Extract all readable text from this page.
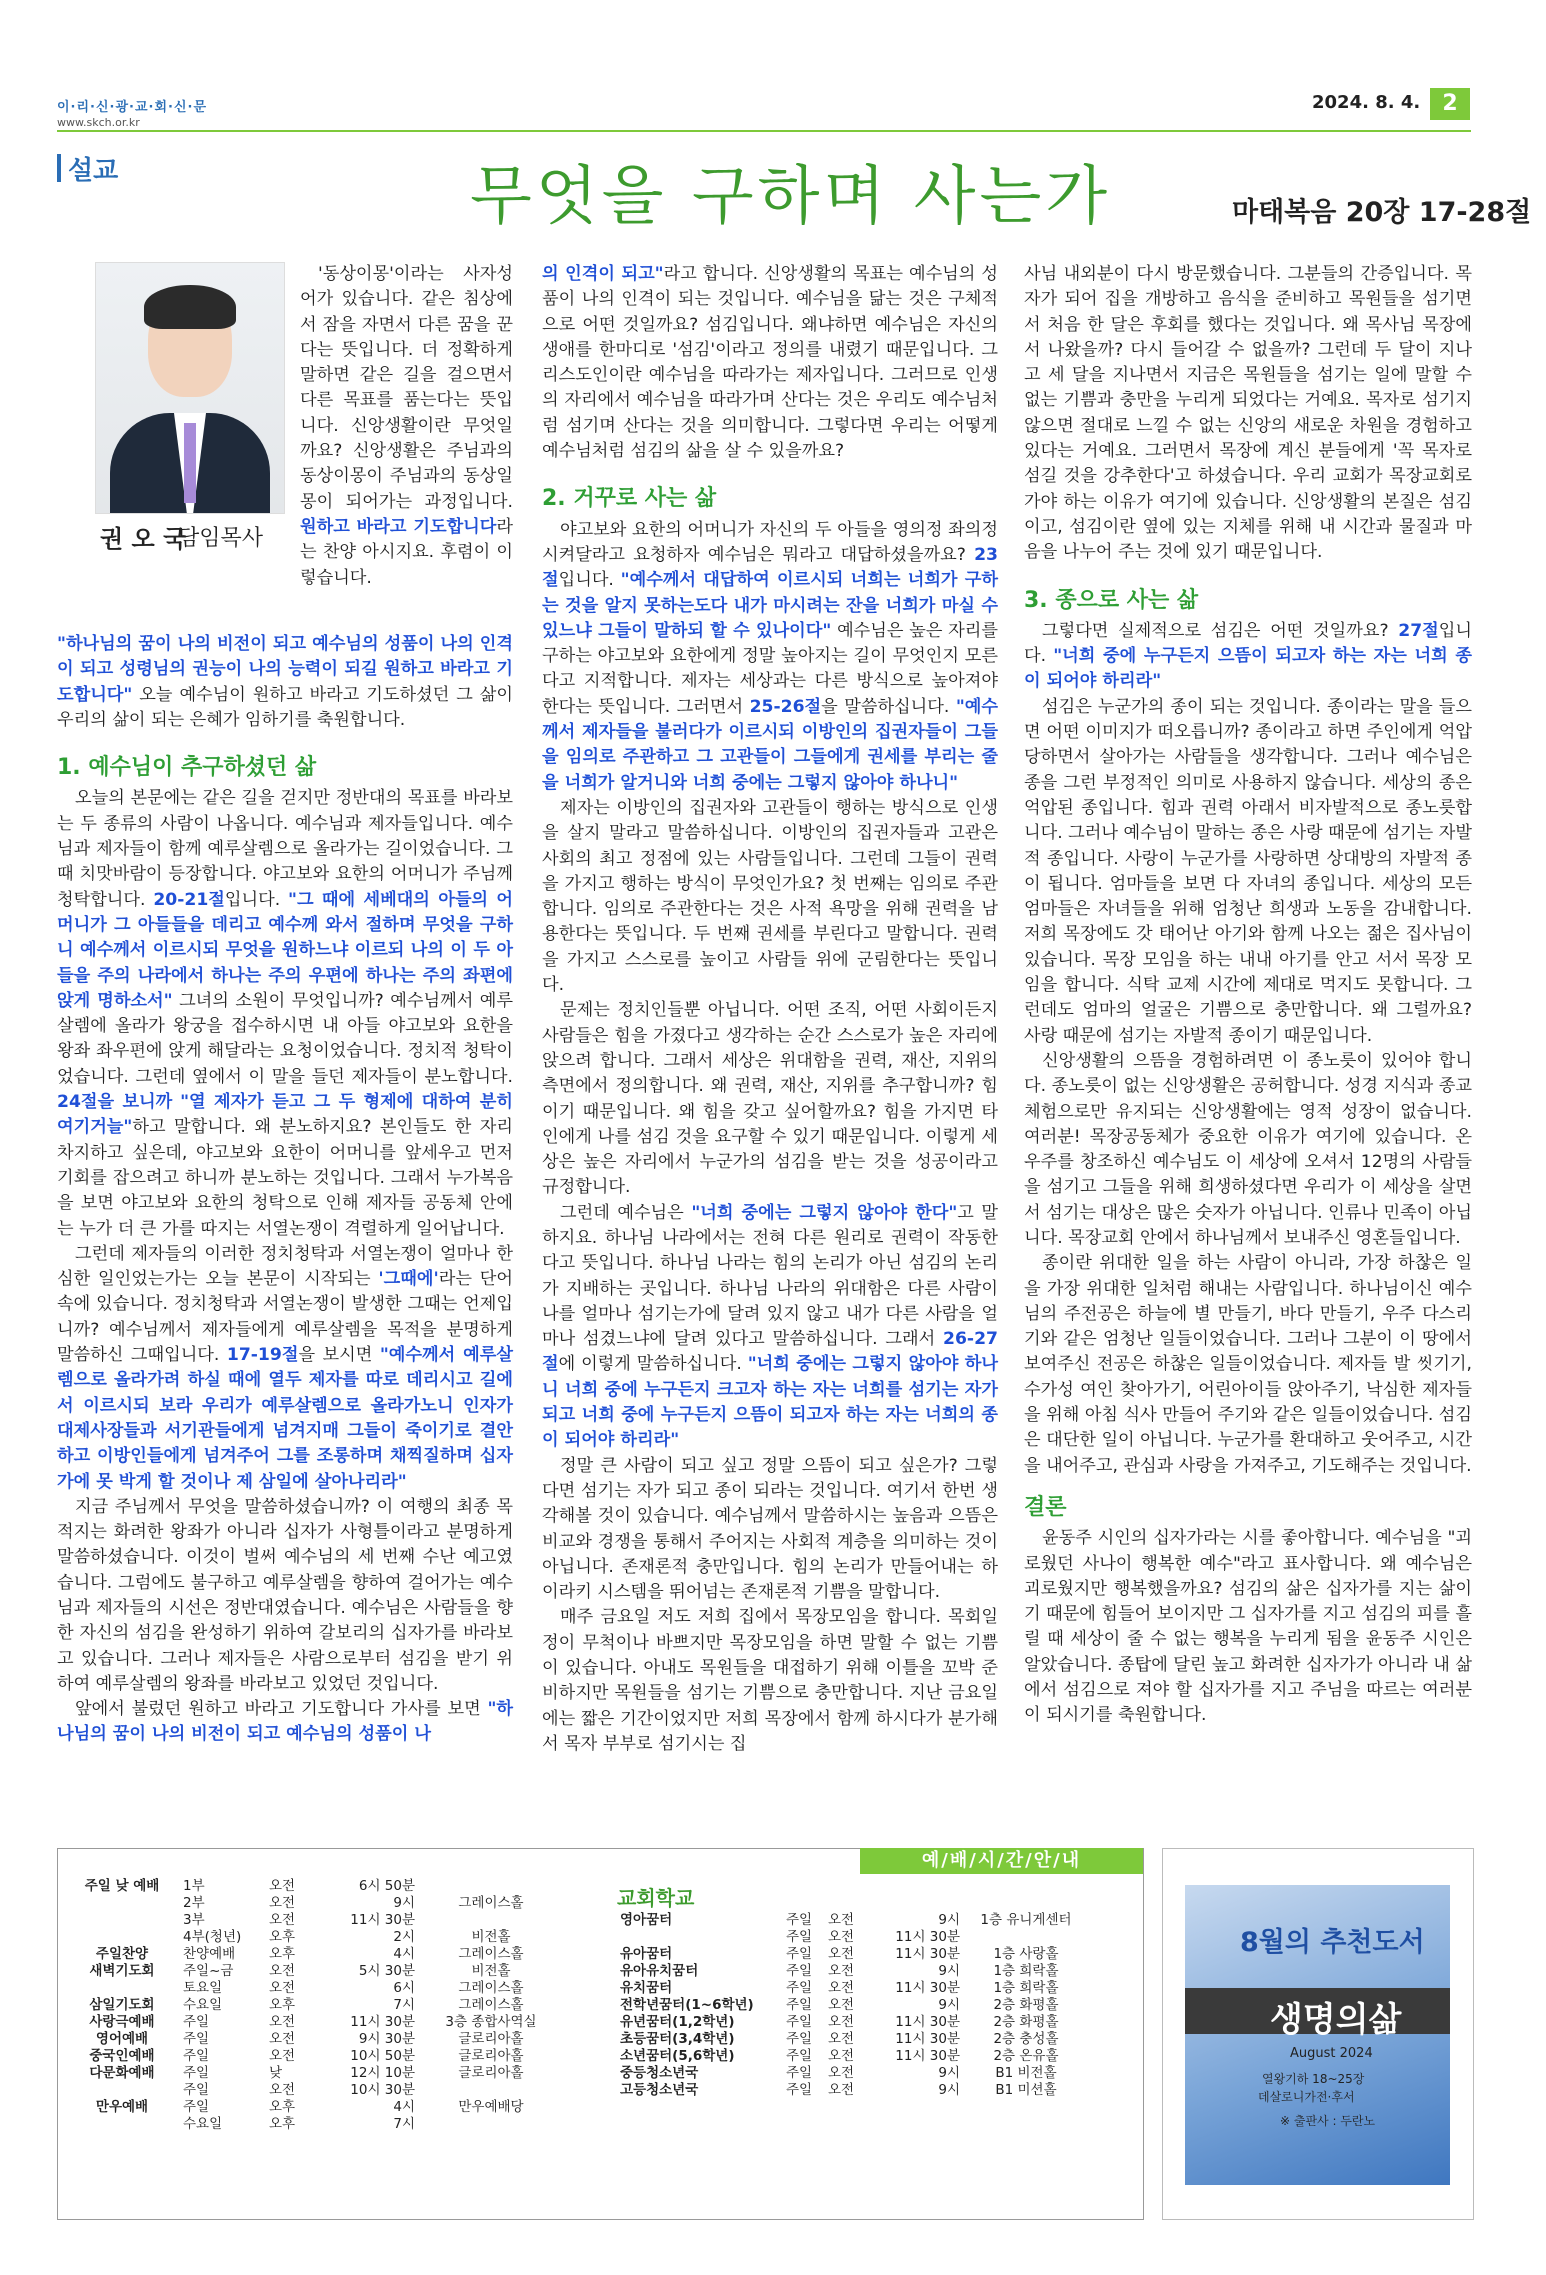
이·리·신·광·교·회·신·문
www.skch.or.kr
2024. 8. 4.	2
설교	무엇을 구하며 사는가	마태복음 20장 17-28절
권 오 국
담임목사

'동상이몽'이라는 사자성어가 있습니다. 같은 침상에서 잠을 자면서 다른 꿈을 꾼다는 뜻입니다. 더 정확하게 말하면 같은 길을 걸으면서 다른 목표를 품는다는 뜻입니다. 신앙생활이란 무엇일까요? 신앙생활은 주님과의 동상이몽이 주님과의 동상일몽이 되어가는 과정입니다. 원하고 바라고 기도합니다라는 찬양 아시지요. 후렴이 이렇습니다.

"하나님의 꿈이 나의 비전이 되고 예수님의 성품이 나의 인격이 되고 성령님의 권능이 나의 능력이 되길 원하고 바라고 기도합니다" 오늘 예수님이 원하고 바라고 기도하셨던 그 삶이 우리의 삶이 되는 은혜가 임하기를 축원합니다.

1. 예수님이 추구하셨던 삶

오늘의 본문에는 같은 길을 걷지만 정반대의 목표를 바라보는 두 종류의 사람이 나옵니다. 예수님과 제자들입니다. 예수님과 제자들이 함께 예루살렘으로 올라가는 길이었습니다. 그때 치맛바람이 등장합니다. 야고보와 요한의 어머니가 주님께 청탁합니다. 20-21절입니다. "그 때에 세베대의 아들의 어머니가 그 아들들을 데리고 예수께 와서 절하며 무엇을 구하니 예수께서 이르시되 무엇을 원하느냐 이르되 나의 이 두 아들을 주의 나라에서 하나는 주의 우편에 하나는 주의 좌편에 앉게 명하소서" 그녀의 소원이 무엇입니까? 예수님께서 예루살렘에 올라가 왕궁을 접수하시면 내 아들 야고보와 요한을 왕좌 좌우편에 앉게 해달라는 요청이었습니다. 정치적 청탁이었습니다. 그런데 옆에서 이 말을 들던 제자들이 분노합니다. 24절을 보니까 "열 제자가 듣고 그 두 형제에 대하여 분히 여기거늘"하고 말합니다. 왜 분노하지요? 본인들도 한 자리 차지하고 싶은데, 야고보와 요한이 어머니를 앞세우고 먼저 기회를 잡으려고 하니까 분노하는 것입니다. 그래서 누가복음을 보면 야고보와 요한의 청탁으로 인해 제자들 공동체 안에는 누가 더 큰 가를 따지는 서열논쟁이 격렬하게 일어납니다.

그런데 제자들의 이러한 정치청탁과 서열논쟁이 얼마나 한심한 일인었는가는 오늘 본문이 시작되는 '그때에'라는 단어 속에 있습니다. 정치청탁과 서열논쟁이 발생한 그때는 언제입니까? 예수님께서 제자들에게 예루살렘을 목적을 분명하게 말씀하신 그때입니다. 17-19절을 보시면 "예수께서 예루살렘으로 올라가려 하실 때에 열두 제자를 따로 데리시고 길에서 이르시되 보라 우리가 예루살렘으로 올라가노니 인자가 대제사장들과 서기관들에게 넘겨지매 그들이 죽이기로 결안하고 이방인들에게 넘겨주어 그를 조롱하며 채찍질하며 십자가에 못 박게 할 것이나 제 삼일에 살아나리라"

지금 주님께서 무엇을 말씀하셨습니까? 이 여행의 최종 목적지는 화려한 왕좌가 아니라 십자가 사형틀이라고 분명하게 말씀하셨습니다. 이것이 벌써 예수님의 세 번째 수난 예고였습니다. 그럼에도 불구하고 예루살렘을 향하여 걸어가는 예수님과 제자들의 시선은 정반대였습니다. 예수님은 사람들을 향한 자신의 섬김을 완성하기 위하여 갈보리의 십자가를 바라보고 있습니다. 그러나 제자들은 사람으로부터 섬김을 받기 위하여 예루살렘의 왕좌를 바라보고 있었던 것입니다.

앞에서 불렀던 원하고 바라고 기도합니다 가사를 보면 "하나님의 꿈이 나의 비전이 되고 예수님의 성품이 나

의 인격이 되고"라고 합니다. 신앙생활의 목표는 예수님의 성품이 나의 인격이 되는 것입니다. 예수님을 닮는 것은 구체적으로 어떤 것일까요? 섬김입니다. 왜냐하면 예수님은 자신의 생애를 한마디로 '섬김'이라고 정의를 내렸기 때문입니다. 그리스도인이란 예수님을 따라가는 제자입니다. 그러므로 인생의 자리에서 예수님을 따라가며 산다는 것은 우리도 예수님처럼 섬기며 산다는 것을 의미합니다. 그렇다면 우리는 어떻게 예수님처럼 섬김의 삶을 살 수 있을까요?

2. 거꾸로 사는 삶

야고보와 요한의 어머니가 자신의 두 아들을 영의정 좌의정 시켜달라고 요청하자 예수님은 뭐라고 대답하셨을까요? 23절입니다. "예수께서 대답하여 이르시되 너희는 너희가 구하는 것을 알지 못하는도다 내가 마시려는 잔을 너희가 마실 수 있느냐 그들이 말하되 할 수 있나이다" 예수님은 높은 자리를 구하는 야고보와 요한에게 정말 높아지는 길이 무엇인지 모른다고 지적합니다. 제자는 세상과는 다른 방식으로 높아져야 한다는 뜻입니다. 그러면서 25-26절을 말씀하십니다. "예수께서 제자들을 불러다가 이르시되 이방인의 집권자들이 그들을 임의로 주관하고 그 고관들이 그들에게 권세를 부리는 줄을 너희가 알거니와 너희 중에는 그렇지 않아야 하나니"

제자는 이방인의 집권자와 고관들이 행하는 방식으로 인생을 살지 말라고 말씀하십니다. 이방인의 집권자들과 고관은 사회의 최고 정점에 있는 사람들입니다. 그런데 그들이 권력을 가지고 행하는 방식이 무엇인가요? 첫 번째는 임의로 주관합니다. 임의로 주관한다는 것은 사적 욕망을 위해 권력을 남용한다는 뜻입니다. 두 번째 권세를 부린다고 말합니다. 권력을 가지고 스스로를 높이고 사람들 위에 군림한다는 뜻입니다.

문제는 정치인들뿐 아닙니다. 어떤 조직, 어떤 사회이든지 사람들은 힘을 가졌다고 생각하는 순간 스스로가 높은 자리에 앉으려 합니다. 그래서 세상은 위대함을 권력, 재산, 지위의 측면에서 정의합니다. 왜 권력, 재산, 지위를 추구합니까? 힘이기 때문입니다. 왜 힘을 갖고 싶어할까요? 힘을 가지면 타인에게 나를 섬김 것을 요구할 수 있기 때문입니다. 이렇게 세상은 높은 자리에서 누군가의 섬김을 받는 것을 성공이라고 규정합니다.

그런데 예수님은 "너희 중에는 그렇지 않아야 한다"고 말하지요. 하나님 나라에서는 전혀 다른 원리로 권력이 작동한다고 뜻입니다. 하나님 나라는 힘의 논리가 아닌 섬김의 논리가 지배하는 곳입니다. 하나님 나라의 위대함은 다른 사람이 나를 얼마나 섬기는가에 달려 있지 않고 내가 다른 사람을 얼마나 섬겼느냐에 달려 있다고 말씀하십니다. 그래서 26-27절에 이렇게 말씀하십니다. "너희 중에는 그렇지 않아야 하나니 너희 중에 누구든지 크고자 하는 자는 너희를 섬기는 자가 되고 너희 중에 누구든지 으뜸이 되고자 하는 자는 너희의 종이 되어야 하리라"

정말 큰 사람이 되고 싶고 정말 으뜸이 되고 싶은가? 그렇다면 섬기는 자가 되고 종이 되라는 것입니다. 여기서 한번 생각해볼 것이 있습니다. 예수님께서 말씀하시는 높음과 으뜸은 비교와 경쟁을 통해서 주어지는 사회적 계층을 의미하는 것이 아닙니다. 존재론적 충만입니다. 힘의 논리가 만들어내는 하이라키 시스템을 뛰어넘는 존재론적 기쁨을 말합니다.

매주 금요일 저도 저희 집에서 목장모임을 합니다. 목회일정이 무척이나 바쁘지만 목장모임을 하면 말할 수 없는 기쁨이 있습니다. 아내도 목원들을 대접하기 위해 이틀을 꼬박 준비하지만 목원들을 섬기는 기쁨으로 충만합니다. 지난 금요일에는 짧은 기간이었지만 저희 목장에서 함께 하시다가 분가해서 목자 부부로 섬기시는 집

사님 내외분이 다시 방문했습니다. 그분들의 간증입니다. 목자가 되어 집을 개방하고 음식을 준비하고 목원들을 섬기면서 처음 한 달은 후회를 했다는 것입니다. 왜 목사님 목장에서 나왔을까? 다시 들어갈 수 없을까? 그런데 두 달이 지나고 세 달을 지나면서 지금은 목원들을 섬기는 일에 말할 수 없는 기쁨과 충만을 누리게 되었다는 거예요. 목자로 섬기지 않으면 절대로 느낄 수 없는 신앙의 새로운 차원을 경험하고 있다는 거예요. 그러면서 목장에 계신 분들에게 '꼭 목자로 섬길 것을 강추한다'고 하셨습니다. 우리 교회가 목장교회로 가야 하는 이유가 여기에 있습니다. 신앙생활의 본질은 섬김이고, 섬김이란 옆에 있는 지체를 위해 내 시간과 물질과 마음을 나누어 주는 것에 있기 때문입니다.

3. 종으로 사는 삶

그렇다면 실제적으로 섬김은 어떤 것일까요? 27절입니다. "너희 중에 누구든지 으뜸이 되고자 하는 자는 너희 종이 되어야 하리라"

섬김은 누군가의 종이 되는 것입니다. 종이라는 말을 들으면 어떤 이미지가 떠오릅니까? 종이라고 하면 주인에게 억압당하면서 살아가는 사람들을 생각합니다. 그러나 예수님은 종을 그런 부정적인 의미로 사용하지 않습니다. 세상의 종은 억압된 종입니다. 힘과 권력 아래서 비자발적으로 종노릇합니다. 그러나 예수님이 말하는 종은 사랑 때문에 섬기는 자발적 종입니다. 사랑이 누군가를 사랑하면 상대방의 자발적 종이 됩니다. 엄마들을 보면 다 자녀의 종입니다. 세상의 모든 엄마들은 자녀들을 위해 엄청난 희생과 노동을 감내합니다. 저희 목장에도 갓 태어난 아기와 함께 나오는 젊은 집사님이 있습니다. 목장 모임을 하는 내내 아기를 안고 서서 목장 모임을 합니다. 식탁 교제 시간에 제대로 먹지도 못합니다. 그런데도 엄마의 얼굴은 기쁨으로 충만합니다. 왜 그럴까요? 사랑 때문에 섬기는 자발적 종이기 때문입니다.

신앙생활의 으뜸을 경험하려면 이 종노릇이 있어야 합니다. 종노릇이 없는 신앙생활은 공허합니다. 성경 지식과 종교체험으로만 유지되는 신앙생활에는 영적 성장이 없습니다. 여러분! 목장공동체가 중요한 이유가 여기에 있습니다. 온 우주를 창조하신 예수님도 이 세상에 오셔서 12명의 사람들을 섬기고 그들을 위해 희생하셨다면 우리가 이 세상을 살면서 섬기는 대상은 많은 숫자가 아닙니다. 인류나 민족이 아닙니다. 목장교회 안에서 하나님께서 보내주신 영혼들입니다.

종이란 위대한 일을 하는 사람이 아니라, 가장 하찮은 일을 가장 위대한 일처럼 해내는 사람입니다. 하나님이신 예수님의 주전공은 하늘에 별 만들기, 바다 만들기, 우주 다스리기와 같은 엄청난 일들이었습니다. 그러나 그분이 이 땅에서 보여주신 전공은 하찮은 일들이었습니다. 제자들 발 씻기기, 수가성 여인 찾아가기, 어린아이들 앉아주기, 낙심한 제자들을 위해 아침 식사 만들어 주기와 같은 일들이었습니다. 섬김은 대단한 일이 아닙니다. 누군가를 환대하고 웃어주고, 시간을 내어주고, 관심과 사랑을 가져주고, 기도해주는 것입니다.

결론

윤동주 시인의 십자가라는 시를 좋아합니다. 예수님을 "괴로웠던 사나이 행복한 예수"라고 표사합니다. 왜 예수님은 괴로웠지만 행복했을까요? 섬김의 삶은 십자가를 지는 삶이기 때문에 힘들어 보이지만 그 십자가를 지고 섬김의 피를 흘릴 때 세상이 줄 수 없는 행복을 누리게 됨을 윤동주 시인은 알았습니다. 종탑에 달린 높고 화려한 십자가가 아니라 내 삶에서 섬김으로 져야 할 십자가를 지고 주님을 따르는 여러분이 되시기를 축원합니다.

예/배/시/간/안/내
주일 낮 예배	1부	오전	6시 50분	
	2부	오전	9시	그레이스홀
	3부	오전	11시 30분	
	4부(청년)	오후	2시	비전홀
주일찬양	찬양예배	오후	4시	그레이스홀
새벽기도회	주일~금	오전	5시 30분	비전홀
	토요일	오전	6시	그레이스홀
삼일기도회	수요일	오후	7시	그레이스홀
사랑극예배	주일	오전	11시 30분	3층 종합사역실
영어예배	주일	오전	9시 30분	글로리아홀
중국인예배	주일	오전	10시 50분	글로리아홀
다문화예배	주일	낮	12시 10분	글로리아홀
	주일	오전	10시 30분	
만우예배	주일	오후	4시	만우예배당
	수요일	오후	7시	
교회학교
영아꿈터	주일	오전	9시	1층 유니게센터
	주일	오전	11시 30분	
유아꿈터	주일	오전	11시 30분	1층 사랑홀
유아유치꿈터	주일	오전	9시	1층 희락홀
유치꿈터	주일	오전	11시 30분	1층 희락홀
전학년꿈터(1~6학년)	주일	오전	9시	2층 화평홀
유년꿈터(1,2학년)	주일	오전	11시 30분	2층 화평홀
초등꿈터(3,4학년)	주일	오전	11시 30분	2층 충성홀
소년꿈터(5,6학년)	주일	오전	11시 30분	2층 온유홀
중등청소년국	주일	오전	9시	B1 비전홀
고등청소년국	주일	오전	9시	B1 미션홀
8월의 추천도서
생명의삶
August 2024
열왕기하 18~25장
데살로니가전·후서
※ 출판사 : 두란노
